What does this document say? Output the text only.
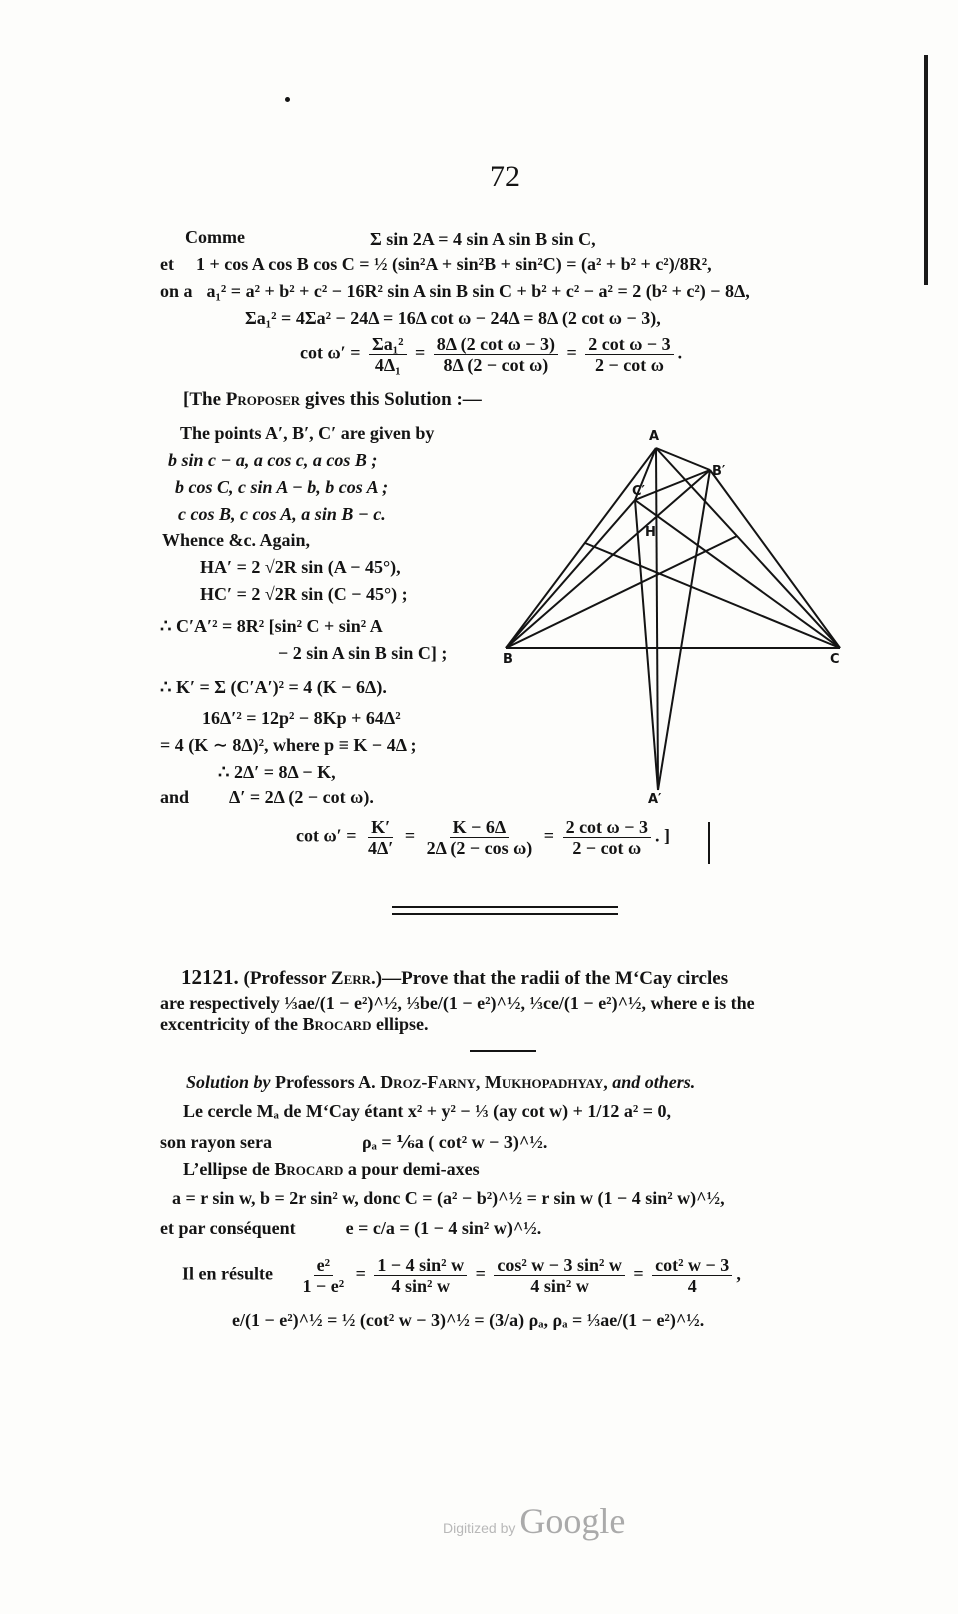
72
Comme	Σ sin 2A = 4 sin A sin B sin C,
et 1 + cos A cos B cos C = ½ (sin²A + sin²B + sin²C) = (a² + b² + c²)/8R²,
on a a₁² = a² + b² + c² − 16R² sin A sin B sin C + b² + c² − a² = 2 (b² + c²) − 8Δ,
Σa₁² = 4Σa² − 24Δ = 16Δ cot ω − 24Δ = 8Δ (2 cot ω − 3),
$\cot \omega' = \frac{\text{Σa₁²}}{\text{4Δ₁}} = \frac{\text{8Δ (2 cot ω − 3)}}{\text{8Δ (2 − cot ω)}} = \frac{\text{2 cot ω − 3}}{\text{2 − cot ω}}$ .
[The Proposer gives this Solution :—
The points A′, B′, C′ are given by
b sin c − a, a cos c, a cos B ;
b cos C, c sin A − b, b cos A ;
c cos B, c cos A, a sin B − c.
Whence &c. Again,
HA′ = 2 √2R sin (A − 45°),
HC′ = 2 √2R sin (C − 45°) ;
∴ C′A′² = 8R² [sin² C + sin² A
− 2 sin A sin B sin C] ;
∴ K′ = Σ (C′A′)² = 4 (K − 6Δ).
16Δ′² = 12p² − 8Kp + 64Δ²
= 4 (K ∼ 8Δ)², where p ≡ K − 4Δ ;
∴ 2Δ′ = 8Δ − K,
and Δ′ = 2Δ (2 − cot ω).
$\cot \omega' = \frac{K'}{4\Delta'} = \frac{K - 6\Delta}{\text{2Δ (2 − cos ω)}} = \frac{\text{2 cot ω − 3}}{\text{2 − cot ω}}$ . ]
A
B	C
A′
B′
C′
H
12121. (Professor Zerr.)—Prove that the radii of the M‘Cay circles
are respectively ⅓ae/(1 − e²)^½, ⅓be/(1 − e²)^½, ⅓ce/(1 − e²)^½, where e is the
excentricity of the Brocard ellipse.
Solution by Professors A. Droz-Farny, Mukhopadhyay, and others.
Le cercle Mₐ de M‘Cay étant x² + y² − ⅓ (ay cot w) + 1/12 a² = 0,
son rayon sera	ρₐ = ⅙a ( cot² w − 3)^½.
L’ellipse de Brocard a pour demi-axes
a = r sin w, b = 2r sin² w, donc C = (a² − b²)^½ = r sin w (1 − 4 sin² w)^½,
et par conséquent	e = c/a = (1 − 4 sin² w)^½.
Il en résulte $\frac{\text{e²}}{\text{1 − e²}} = \frac{\text{1 − 4 sin² w}}{\text{4 sin² w}} = \frac{\text{cos² w − 3 sin² w}}{\text{4 sin² w}} = \frac{\text{cot² w − 3}}{4}$ ,
e/(1 − e²)^½ = ½ (cot² w − 3)^½ = (3/a) ρₐ, ρₐ = ⅓ae/(1 − e²)^½.
Digitized by Google
